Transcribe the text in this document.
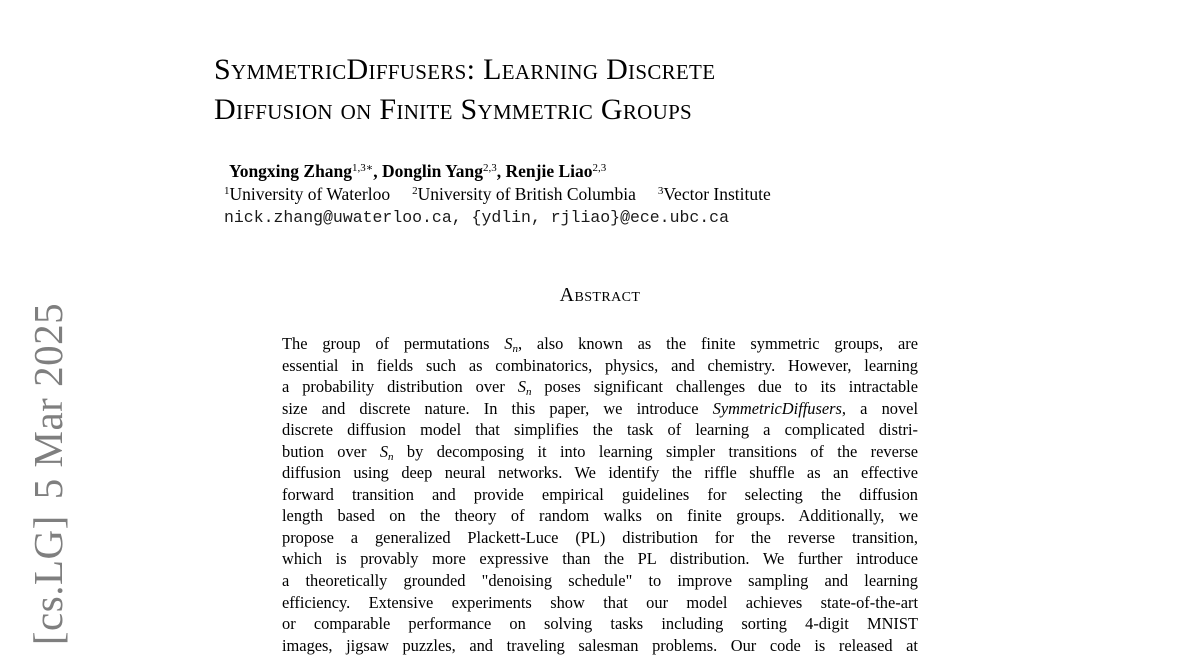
[cs.LG]5 Mar 2025
SymmetricDiffusers: Learning Discrete
Diffusion on Finite Symmetric Groups
Yongxing Zhang$^{1,3∗}$, Donglin Yang$^{2,3}$, Renjie Liao$^{2,3}$
$^1$University of Waterloo $^2$University of British Columbia $^3$Vector Institute
nick.zhang@uwaterloo.ca, {ydlin, rjliao}@ece.ubc.ca
Abstract
The group of permutations $S_n$, also known as the finite symmetric groups, are
essential in fields such as combinatorics, physics, and chemistry. However, learning
a probability distribution over $S_n$ poses significant challenges due to its intractable
size and discrete nature. In this paper, we introduce SymmetricDiffusers, a novel
discrete diffusion model that simplifies the task of learning a complicated distri-
bution over $S_n$ by decomposing it into learning simpler transitions of the reverse
diffusion using deep neural networks. We identify the riffle shuffle as an effective
forward transition and provide empirical guidelines for selecting the diffusion
length based on the theory of random walks on finite groups. Additionally, we
propose a generalized Plackett-Luce (PL) distribution for the reverse transition,
which is provably more expressive than the PL distribution. We further introduce
a theoretically grounded "denoising schedule" to improve sampling and learning
efficiency. Extensive experiments show that our model achieves state-of-the-art
or comparable performance on solving tasks including sorting 4-digit MNIST
images, jigsaw puzzles, and traveling salesman problems. Our code is released at
